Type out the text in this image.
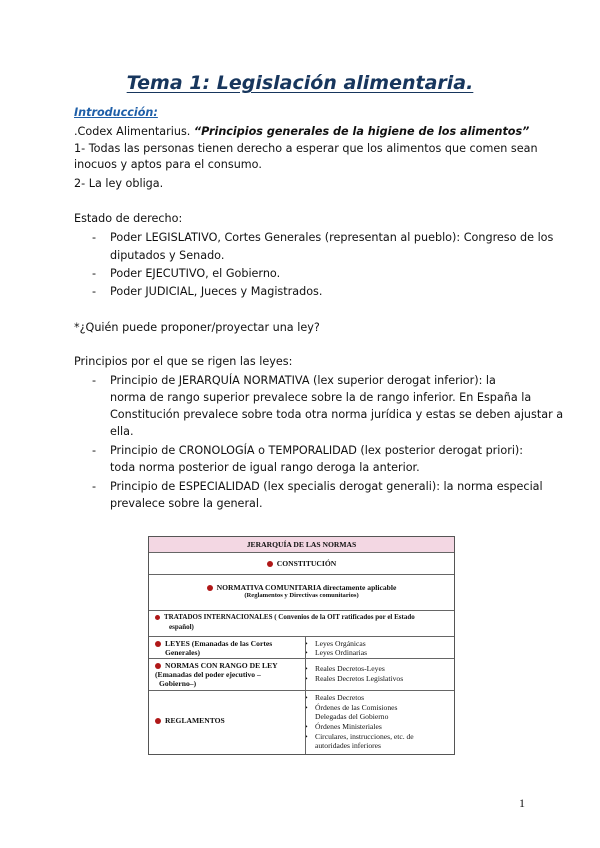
Tema 1: Legislación alimentaria.
Introducción:
.Codex Alimentarius. “Principios generales de la higiene de los alimentos”
1- Todas las personas tienen derecho a esperar que los alimentos que comen sean
inocuos y aptos para el consumo.
2- La ley obliga.
Estado de derecho:
- Poder LEGISLATIVO, Cortes Generales (representan al pueblo): Congreso de los
diputados y Senado.
- Poder EJECUTIVO, el Gobierno.
- Poder JUDICIAL, Jueces y Magistrados.
*¿Quién puede proponer/proyectar una ley?
Principios por el que se rigen las leyes:
- Principio de JERARQUÍA NORMATIVA (lex superior derogat inferior): la
norma de rango superior prevalece sobre la de rango inferior. En España la
Constitución prevalece sobre toda otra norma jurídica y estas se deben ajustar a
ella.
- Principio de CRONOLOGÍA o TEMPORALIDAD (lex posterior derogat priori):
toda norma posterior de igual rango deroga la anterior.
- Principio de ESPECIALIDAD (lex specialis derogat generali): la norma especial
prevalece sobre la general.
JERARQUÍA DE LAS NORMAS
CONSTITUCIÓN
NORMATIVA COMUNITARIA directamente aplicable
(Reglamentos y Directivas comunitarios)
TRATADOS INTERNACIONALES ( Convenios de la OIT ratificados por el Estado
español)
LEYES (Emanadas de las Cortes
Generales)
• Leyes Orgánicas
• Leyes Ordinarias
NORMAS CON RANGO DE LEY
(Emanadas del poder ejecutivo –
Gobierno–)
• Reales Decretos-Leyes
• Reales Decretos Legislativos
REGLAMENTOS
• Reales Decretos
• Órdenes de las Comisiones
Delegadas del Gobierno
• Órdenes Ministeriales
• Circulares, instrucciones, etc. de
autoridades inferiores
1
